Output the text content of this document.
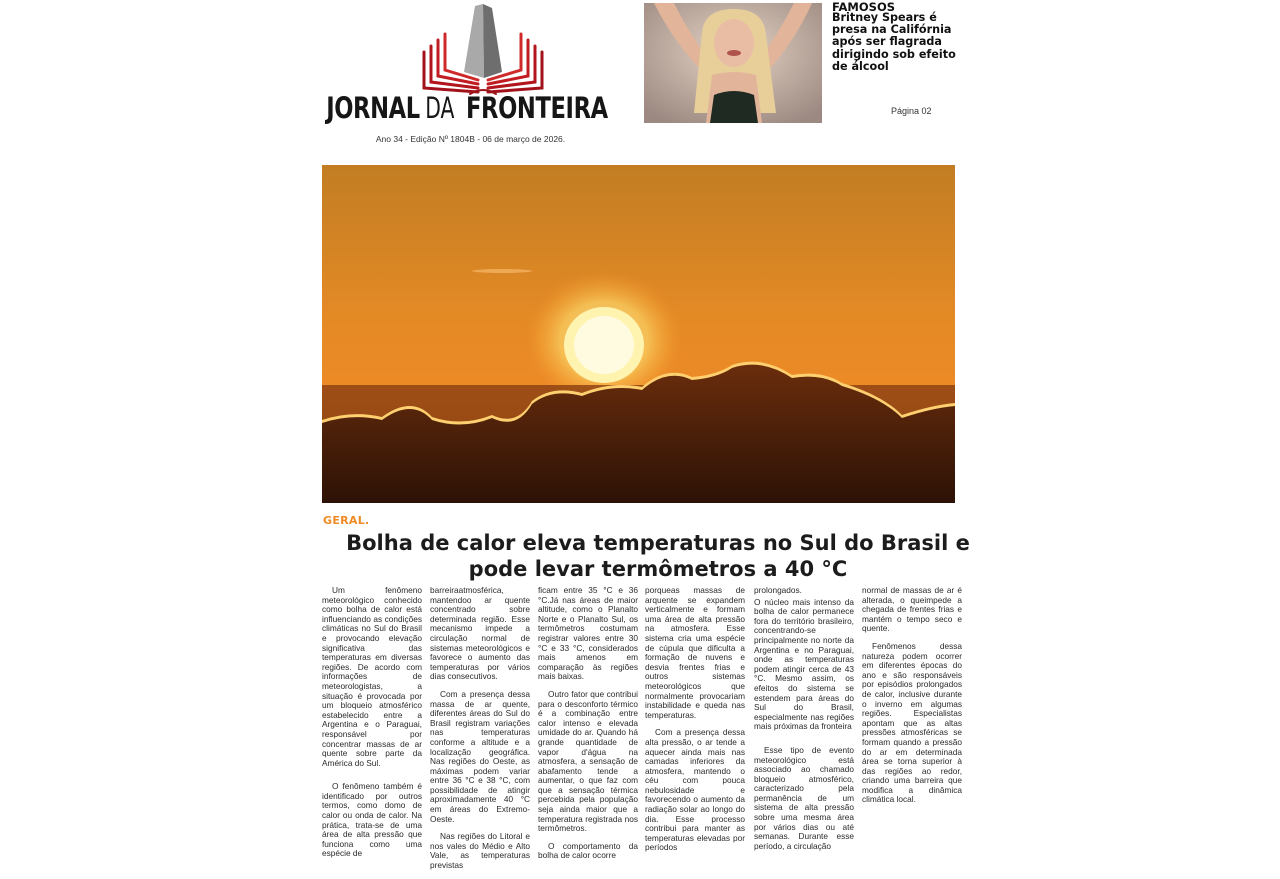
JORNAL DA FRONTEIRA
Ano 34 - Edição Nº 1804B - 06 de março de 2026.
FAMOSOS
Britney Spears é presa na Califórnia após ser flagrada dirigindo sob efeito de álcool
Página 02
GERAL.
Bolha de calor eleva temperaturas no Sul do Brasil e pode levar termômetros a 40 °C

Um fenômeno meteorológico conhecido como bolha de calor está influenciando as condições climáticas no Sul do Brasil e provocando elevação significativa das temperaturas em diversas regiões. De acordo com informações de meteorologistas, a situação é provocada por um bloqueio atmosférico estabelecido entre a Argentina e o Paraguai, responsável por concentrar massas de ar quente sobre parte da América do Sul.

O fenômeno também é identificado por outros termos, como domo de calor ou onda de calor. Na prática, trata-se de uma área de alta pressão que funciona como uma espécie de

barreiraatmosférica, mantendoo ar quente concentrado sobre determinada região. Esse mecanismo impede a circulação normal de sistemas meteorológicos e favorece o aumento das temperaturas por vários dias consecutivos.

Com a presença dessa massa de ar quente, diferentes áreas do Sul do Brasil registram variações nas temperaturas conforme a altitude e a localização geográfica. Nas regiões do Oeste, as máximas podem variar entre 36 °C e 38 °C, com possibilidade de atingir aproximadamente 40 °C em áreas do Extremo-Oeste.

Nas regiões do Litoral e nos vales do Médio e Alto Vale, as temperaturas previstas

ficam entre 35 °C e 36 °C.Já nas áreas de maior altitude, como o Planalto Norte e o Planalto Sul, os termômetros costumam registrar valores entre 30 °C e 33 °C, considerados mais amenos em comparação às regiões mais baixas.

Outro fator que contribui para o desconforto térmico é a combinação entre calor intenso e elevada umidade do ar. Quando há grande quantidade de vapor d'água na atmosfera, a sensação de abafamento tende a aumentar, o que faz com que a sensação térmica percebida pela população seja ainda maior que a temperatura registrada nos termômetros.

O comportamento da bolha de calor ocorre

porqueas massas de arquente se expandem verticalmente e formam uma área de alta pressão na atmosfera. Esse sistema cria uma espécie de cúpula que dificulta a formação de nuvens e desvia frentes frias e outros sistemas meteorológicos que normalmente provocariam instabilidade e queda nas temperaturas.

Com a presença dessa alta pressão, o ar tende a aquecer ainda mais nas camadas inferiores da atmosfera, mantendo o céu com pouca nebulosidade e favorecendo o aumento da radiação solar ao longo do dia. Esse processo contribui para manter as temperaturas elevadas por períodos

prolongados.

O núcleo mais intenso da bolha de calor permanece fora do território brasileiro, concentrando-se principalmente no norte da Argentina e no Paraguai, onde as temperaturas podem atingir cerca de 43 °C. Mesmo assim, os efeitos do sistema se estendem para áreas do Sul do Brasil, especialmente nas regiões mais próximas da fronteira

Esse tipo de evento meteorológico está associado ao chamado bloqueio atmosférico, caracterizado pela permanência de um sistema de alta pressão sobre uma mesma área por vários dias ou até semanas. Durante esse período, a circulação

normal de massas de ar é alterada, o queimpede a chegada de frentes frias e mantém o tempo seco e quente.

Fenômenos dessa natureza podem ocorrer em diferentes épocas do ano e são responsáveis por episódios prolongados de calor, inclusive durante o inverno em algumas regiões. Especialistas apontam que as altas pressões atmosféricas se formam quando a pressão do ar em determinada área se torna superior à das regiões ao redor, criando uma barreira que modifica a dinâmica climática local.
